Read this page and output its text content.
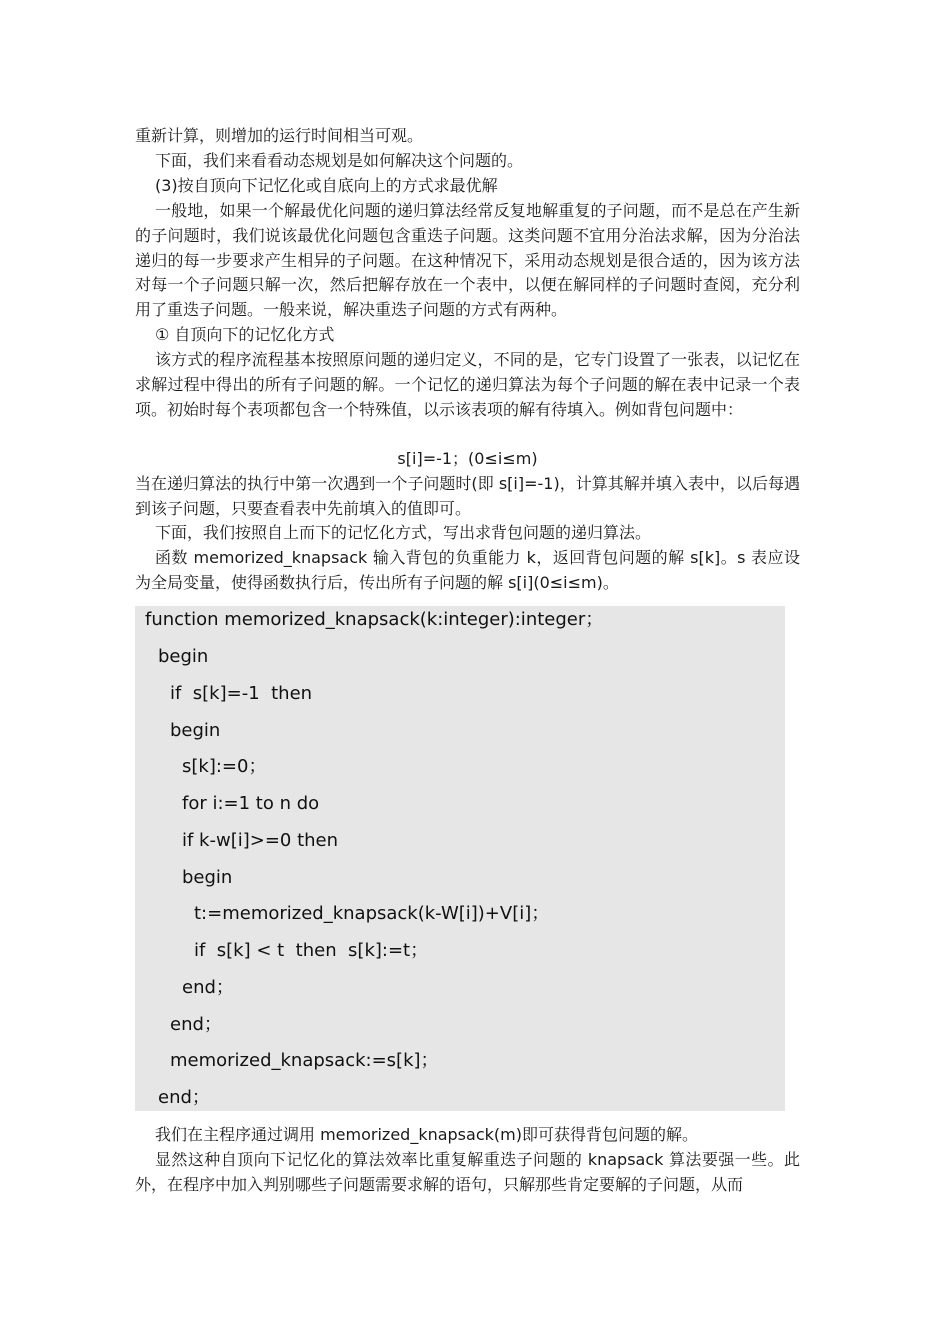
重新计算，则增加的运行时间相当可观。

下面，我们来看看动态规划是如何解决这个问题的。

(3)按自顶向下记忆化或自底向上的方式求最优解

一般地，如果一个解最优化问题的递归算法经常反复地解重复的子问题，而不是总在产生新的子问题时，我们说该最优化问题包含重迭子问题。这类问题不宜用分治法求解，因为分治法递归的每一步要求产生相异的子问题。在这种情况下，采用动态规划是很合适的，因为该方法对每一个子问题只解一次，然后把解存放在一个表中，以便在解同样的子问题时查阅，充分利用了重迭子问题。一般来说，解决重迭子问题的方式有两种。

① 自顶向下的记忆化方式

该方式的程序流程基本按照原问题的递归定义，不同的是，它专门设置了一张表，以记忆在求解过程中得出的所有子问题的解。一个记忆的递归算法为每个子问题的解在表中记录一个表项。初始时每个表项都包含一个特殊值，以示该表项的解有待填入。例如背包问题中：

s[i]=-1；(0≤i≤m)

当在递归算法的执行中第一次遇到一个子问题时(即 s[i]=-1)，计算其解并填入表中，以后每遇到该子问题，只要查看表中先前填入的值即可。

下面，我们按照自上而下的记忆化方式，写出求背包问题的递归算法。

函数 memorized_knapsack 输入背包的负重能力 k，返回背包问题的解 s[k]。s 表应设为全局变量，使得函数执行后，传出所有子问题的解 s[i](0≤i≤m)。

function memorized_knapsack(k:integer):integer；
begin
if  s[k]=-1  then
begin
s[k]:=0；
for i:=1 to n do
if k-w[i]>=0 then
begin
t:=memorized_knapsack(k-W[i])+V[i]；
if  s[k] < t  then  s[k]:=t；
end；
end；
memorized_knapsack:=s[k]；
end；

我们在主程序通过调用 memorized_knapsack(m)即可获得背包问题的解。

显然这种自顶向下记忆化的算法效率比重复解重迭子问题的 knapsack 算法要强一些。此外，在程序中加入判别哪些子问题需要求解的语句，只解那些肯定要解的子问题，从而
